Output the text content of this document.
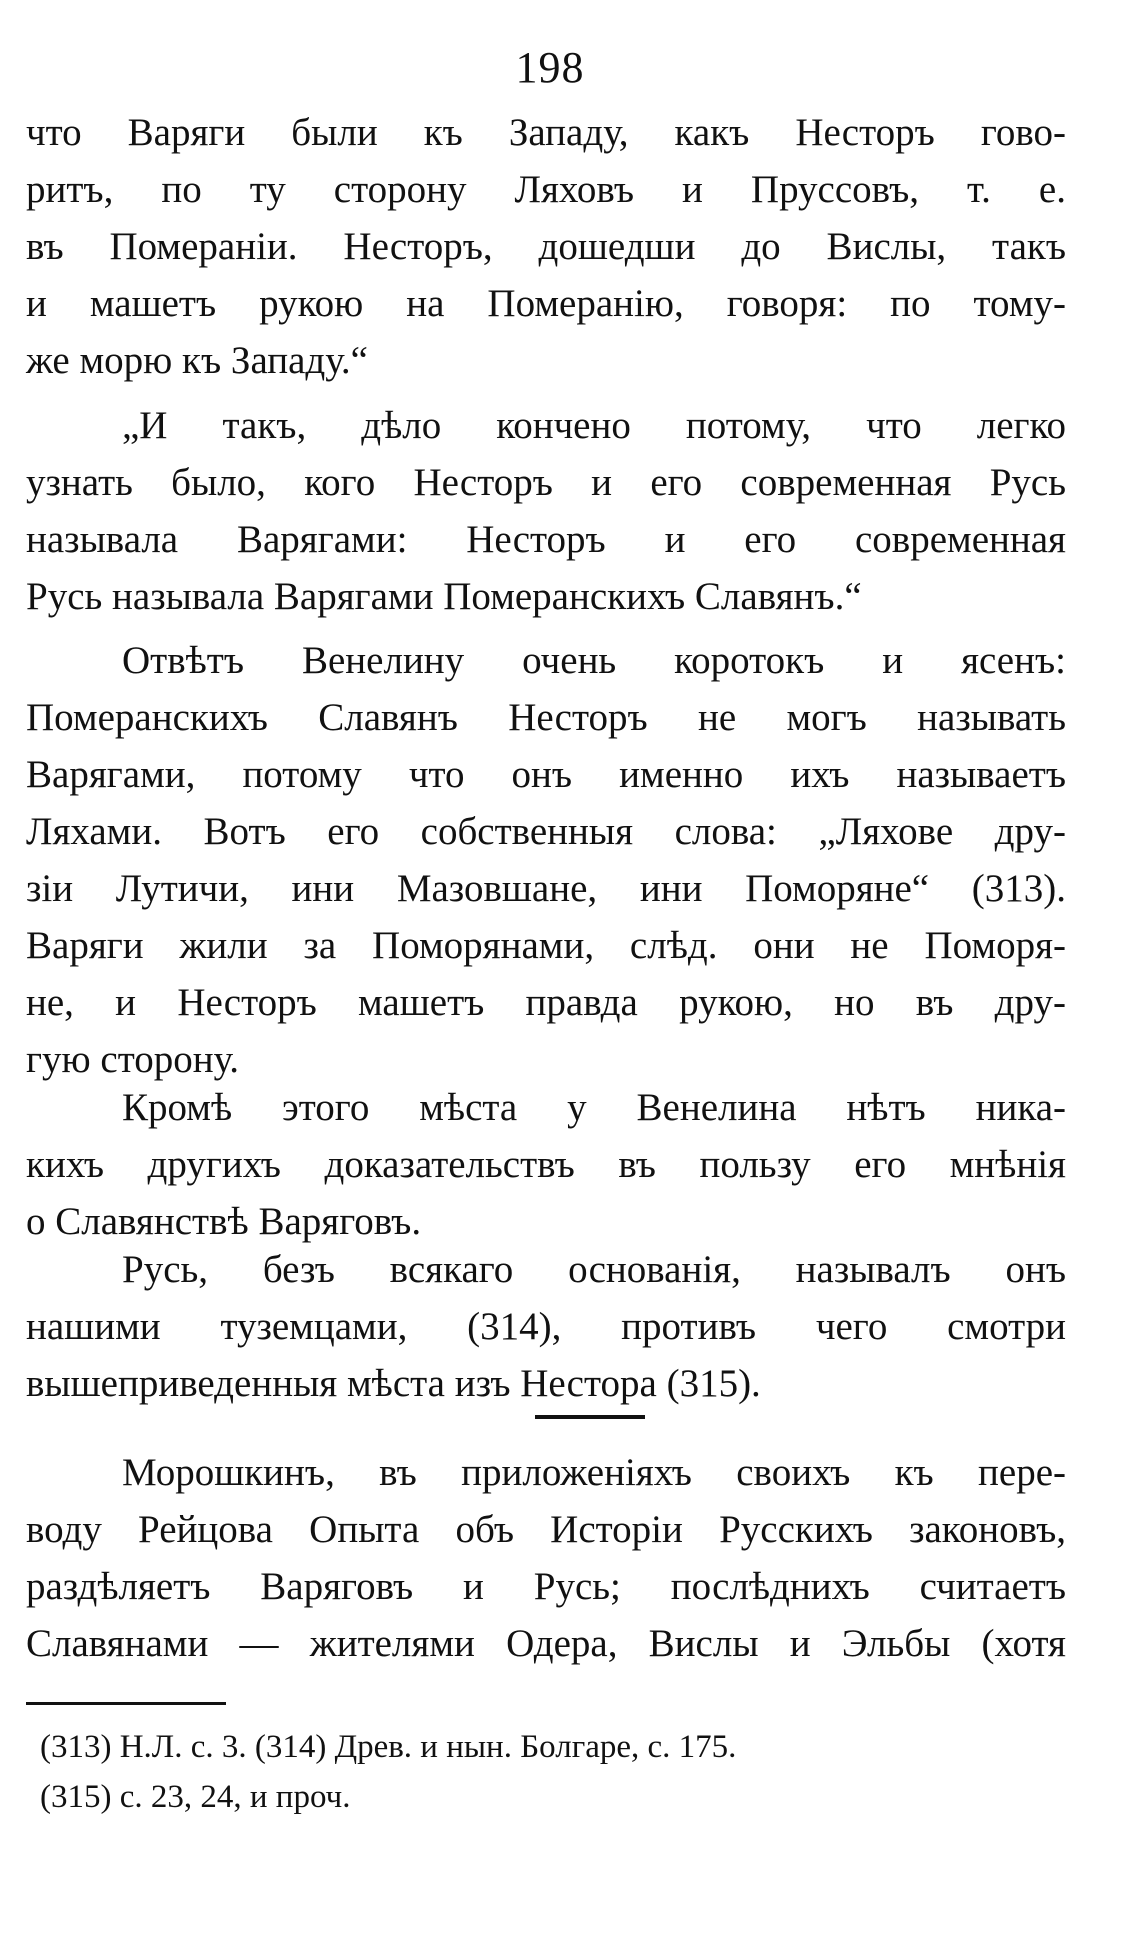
198
что Варяги были къ Западу, какъ Несторъ гово-
ритъ, по ту сторону Ляховъ и Пруссовъ, т. е.
въ Помераніи. Несторъ, дошедши до Вислы, такъ
и машетъ рукою на Померанію, говоря: по тому-
же морю къ Западу.“
„И такъ, дѣло кончено потому, что легко
узнать было, кого Несторъ и его современная Русь
называла Варягами: Несторъ и его современная
Русь называла Варягами Померанскихъ Славянъ.“
Отвѣтъ Венелину очень коротокъ и ясенъ:
Померанскихъ Славянъ Несторъ не могъ называть
Варягами, потому что онъ именно ихъ называетъ
Ляхами. Вотъ его собственныя слова: „Ляхове дру-
зіи Лутичи, ини Мазовшане, ини Поморяне“ (313).
Варяги жили за Поморянами, слѣд. они не Поморя-
не, и Несторъ машетъ правда рукою, но въ дру-
гую сторону.
Кромѣ этого мѣста у Венелина нѣтъ ника-
кихъ другихъ доказательствъ въ пользу его мнѣнія
о Славянствѣ Варяговъ.
Русь, безъ всякаго основанія, называлъ онъ
нашими туземцами, (314), противъ чего смотри
вышеприведенныя мѣста изъ Нестора (315).
Морошкинъ, въ приложеніяхъ своихъ къ пере-
воду Рейцова Опыта объ Исторіи Русскихъ законовъ,
раздѣляетъ Варяговъ и Русь; послѣднихъ считаетъ
Славянами — жителями Одера, Вислы и Эльбы (хотя
(313) Н.Л. с. 3. (314) Древ. и нын. Болгаре, с. 175.
(315) с. 23, 24, и проч.
